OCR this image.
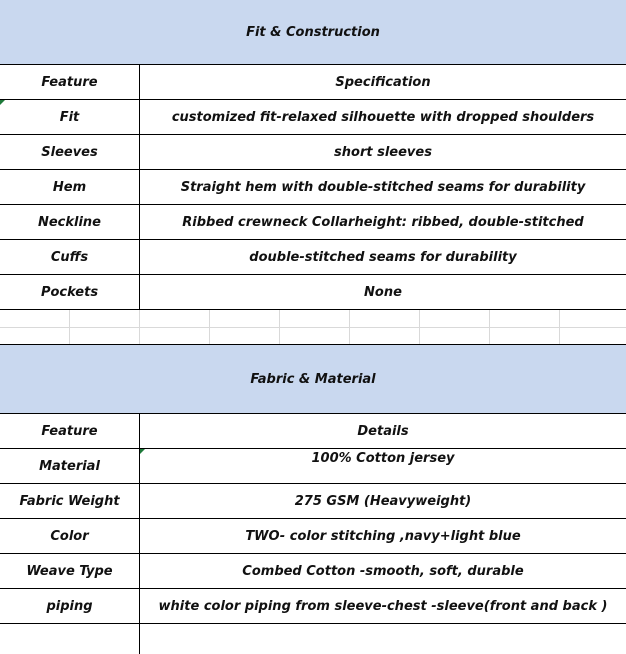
Fit & Construction
Feature	Specification
Fit	customized fit-relaxed silhouette with dropped shoulders
Sleeves	short sleeves
Hem	Straight hem with double-stitched seams for durability
Neckline	Ribbed crewneck Collarheight: ribbed, double-stitched
Cuffs	double-stitched seams for durability
Pockets	None
Fabric & Material
Feature	Details
Material	100% Cotton jersey
Fabric Weight	275 GSM (Heavyweight)
Color	TWO- color stitching ,navy+light blue
Weave Type	Combed Cotton -smooth, soft, durable
piping	white color piping from sleeve-chest -sleeve(front and back )
